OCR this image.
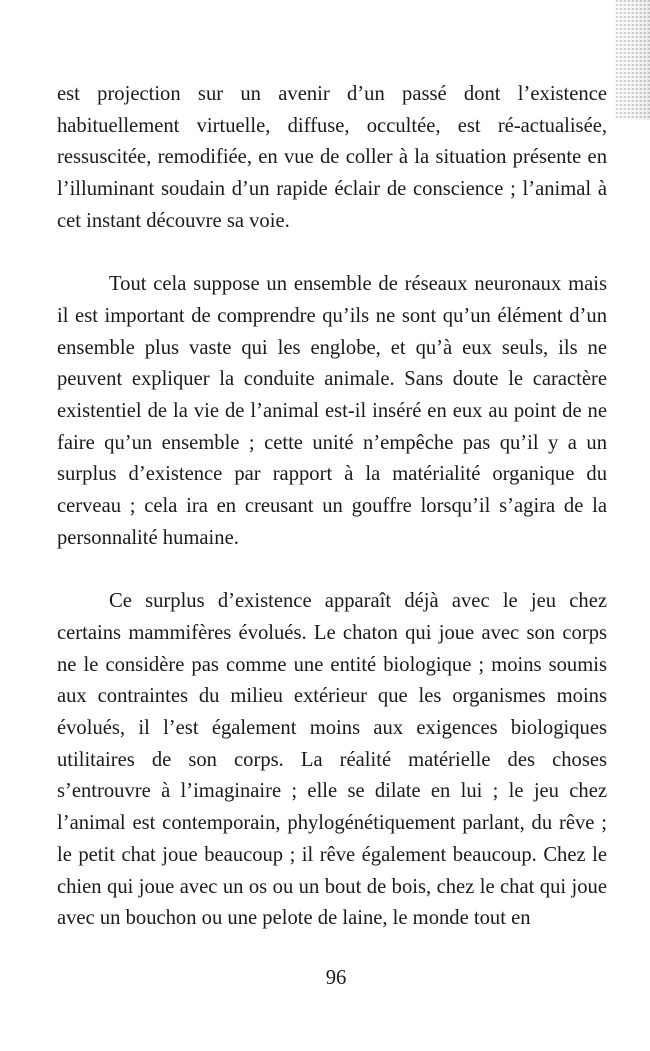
est projection sur un avenir d’un passé dont l’existence habituellement virtuelle, diffuse, occultée, est ré-actualisée, ressuscitée, remodifiée, en vue de coller à la situation présente en l’illuminant soudain d’un rapide éclair de conscience ; l’animal à cet instant découvre sa voie.

Tout cela suppose un ensemble de réseaux neuronaux mais il est important de comprendre qu’ils ne sont qu’un élément d’un ensemble plus vaste qui les englobe, et qu’à eux seuls, ils ne peuvent expliquer la conduite animale. Sans doute le caractère existentiel de la vie de l’animal est-il inséré en eux au point de ne faire qu’un ensemble ; cette unité n’empêche pas qu’il y a un surplus d’existence par rapport à la matérialité organique du cerveau ; cela ira en creusant un gouffre lorsqu’il s’agira de la personnalité humaine.

Ce surplus d’existence apparaît déjà avec le jeu chez certains mammifères évolués. Le chaton qui joue avec son corps ne le considère pas comme une entité biologique ; moins soumis aux contraintes du milieu extérieur que les organismes moins évolués, il l’est également moins aux exigences biologiques utilitaires de son corps. La réalité matérielle des choses s’entrouvre à l’imaginaire ; elle se dilate en lui ; le jeu chez l’animal est contemporain, phylogénétiquement parlant, du rêve ; le petit chat joue beaucoup ; il rêve également beaucoup. Chez le chien qui joue avec un os ou un bout de bois, chez le chat qui joue avec un bouchon ou une pelote de laine, le monde tout en

96
